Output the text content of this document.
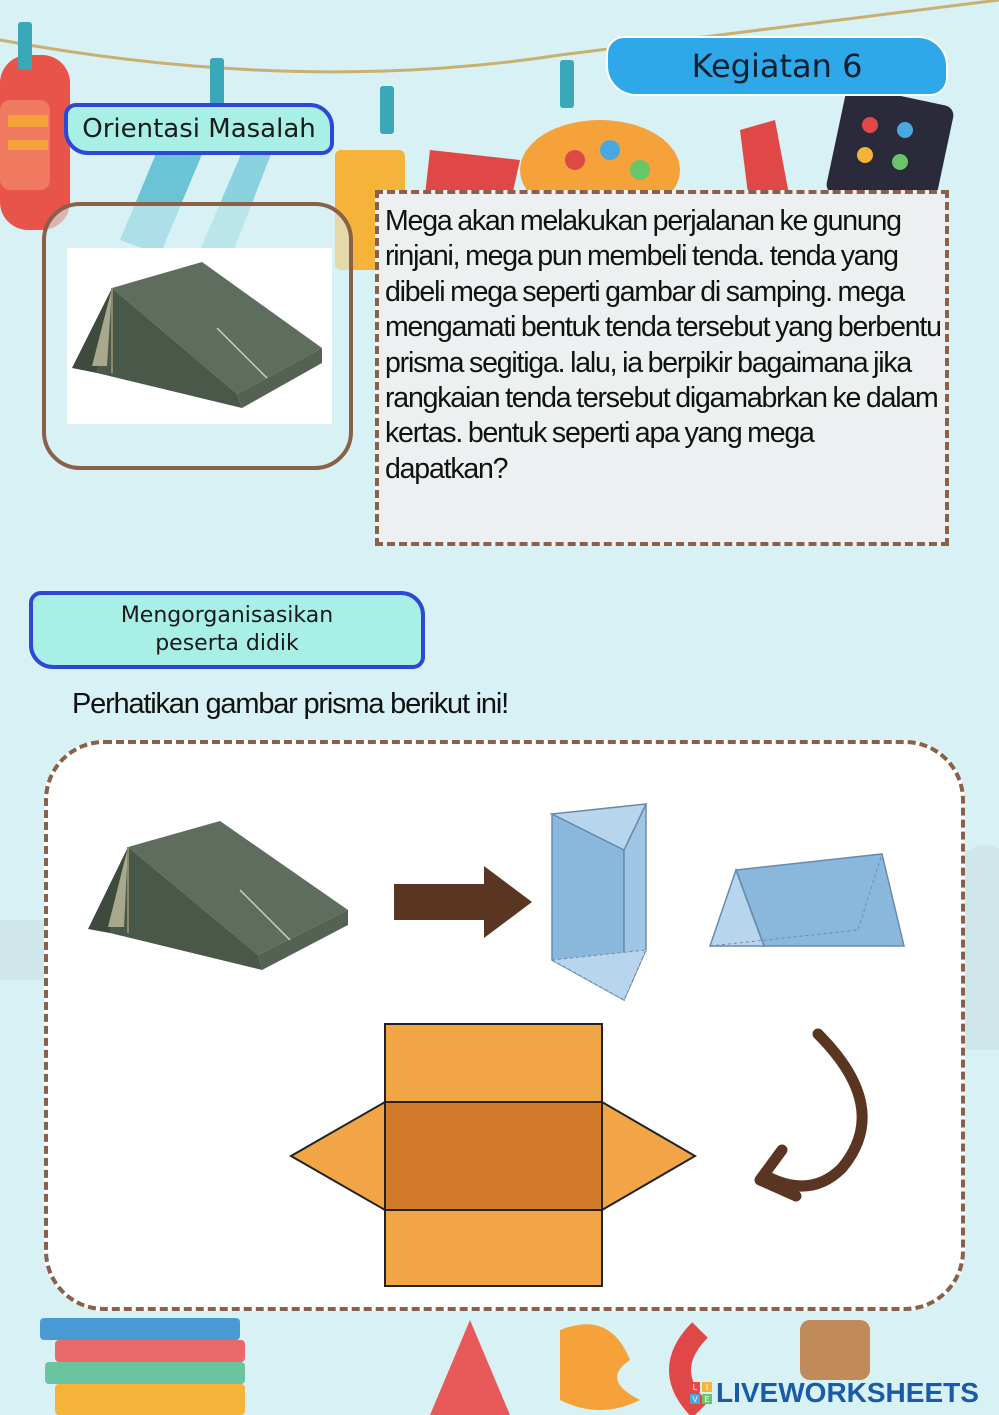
Kegiatan 6
Orientasi Masalah
Mega akan melakukan perjalanan ke gunung rinjani, mega pun membeli tenda. tenda yang dibeli mega seperti gambar di samping. mega mengamati bentuk tenda tersebut yang berbentu prisma segitiga. lalu, ia berpikir bagaimana jika rangkaian tenda tersebut digamabrkan ke dalam kertas. bentuk seperti apa yang mega dapatkan?
Mengorganisasikan
peserta didik
Perhatikan gambar prisma berikut ini!
L I
V E LIVEWORKSHEETS
